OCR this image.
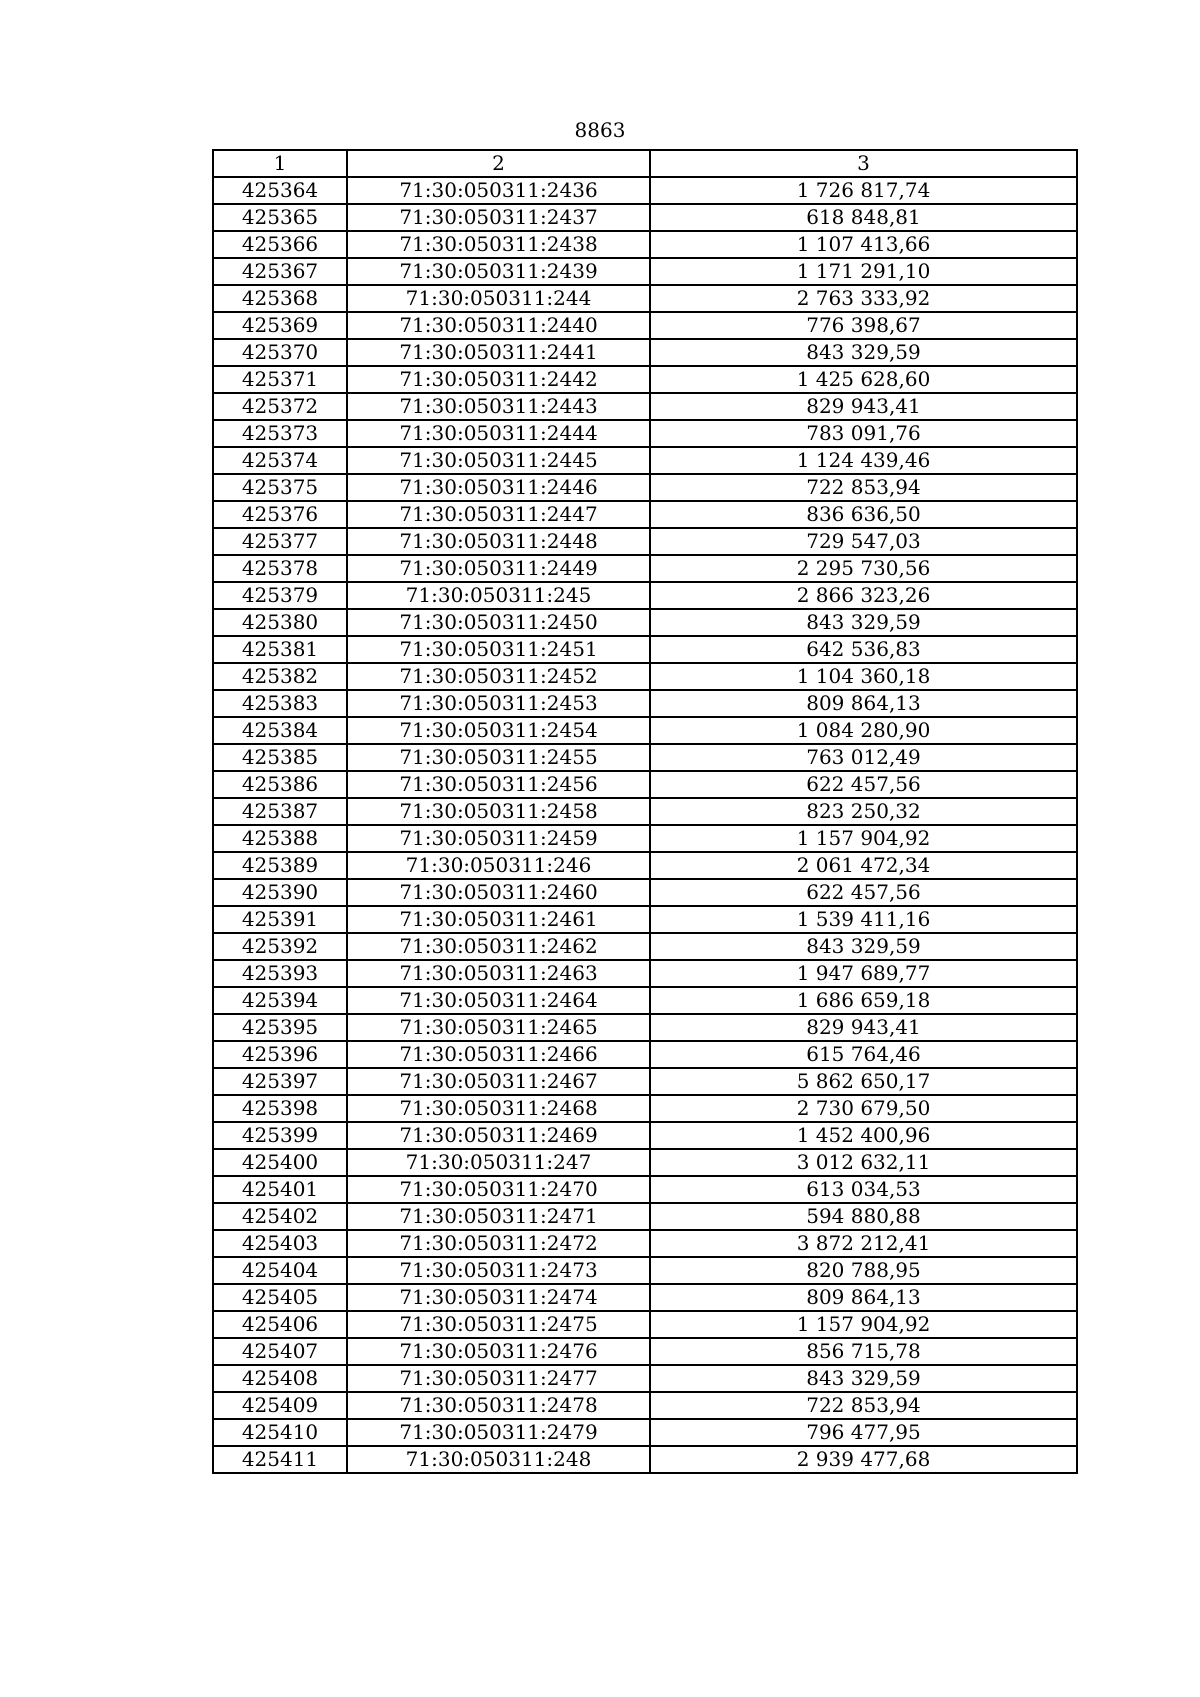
8863
1	2	3
425364	71:30:050311:2436	1 726 817,74
425365	71:30:050311:2437	618 848,81
425366	71:30:050311:2438	1 107 413,66
425367	71:30:050311:2439	1 171 291,10
425368	71:30:050311:244	2 763 333,92
425369	71:30:050311:2440	776 398,67
425370	71:30:050311:2441	843 329,59
425371	71:30:050311:2442	1 425 628,60
425372	71:30:050311:2443	829 943,41
425373	71:30:050311:2444	783 091,76
425374	71:30:050311:2445	1 124 439,46
425375	71:30:050311:2446	722 853,94
425376	71:30:050311:2447	836 636,50
425377	71:30:050311:2448	729 547,03
425378	71:30:050311:2449	2 295 730,56
425379	71:30:050311:245	2 866 323,26
425380	71:30:050311:2450	843 329,59
425381	71:30:050311:2451	642 536,83
425382	71:30:050311:2452	1 104 360,18
425383	71:30:050311:2453	809 864,13
425384	71:30:050311:2454	1 084 280,90
425385	71:30:050311:2455	763 012,49
425386	71:30:050311:2456	622 457,56
425387	71:30:050311:2458	823 250,32
425388	71:30:050311:2459	1 157 904,92
425389	71:30:050311:246	2 061 472,34
425390	71:30:050311:2460	622 457,56
425391	71:30:050311:2461	1 539 411,16
425392	71:30:050311:2462	843 329,59
425393	71:30:050311:2463	1 947 689,77
425394	71:30:050311:2464	1 686 659,18
425395	71:30:050311:2465	829 943,41
425396	71:30:050311:2466	615 764,46
425397	71:30:050311:2467	5 862 650,17
425398	71:30:050311:2468	2 730 679,50
425399	71:30:050311:2469	1 452 400,96
425400	71:30:050311:247	3 012 632,11
425401	71:30:050311:2470	613 034,53
425402	71:30:050311:2471	594 880,88
425403	71:30:050311:2472	3 872 212,41
425404	71:30:050311:2473	820 788,95
425405	71:30:050311:2474	809 864,13
425406	71:30:050311:2475	1 157 904,92
425407	71:30:050311:2476	856 715,78
425408	71:30:050311:2477	843 329,59
425409	71:30:050311:2478	722 853,94
425410	71:30:050311:2479	796 477,95
425411	71:30:050311:248	2 939 477,68
